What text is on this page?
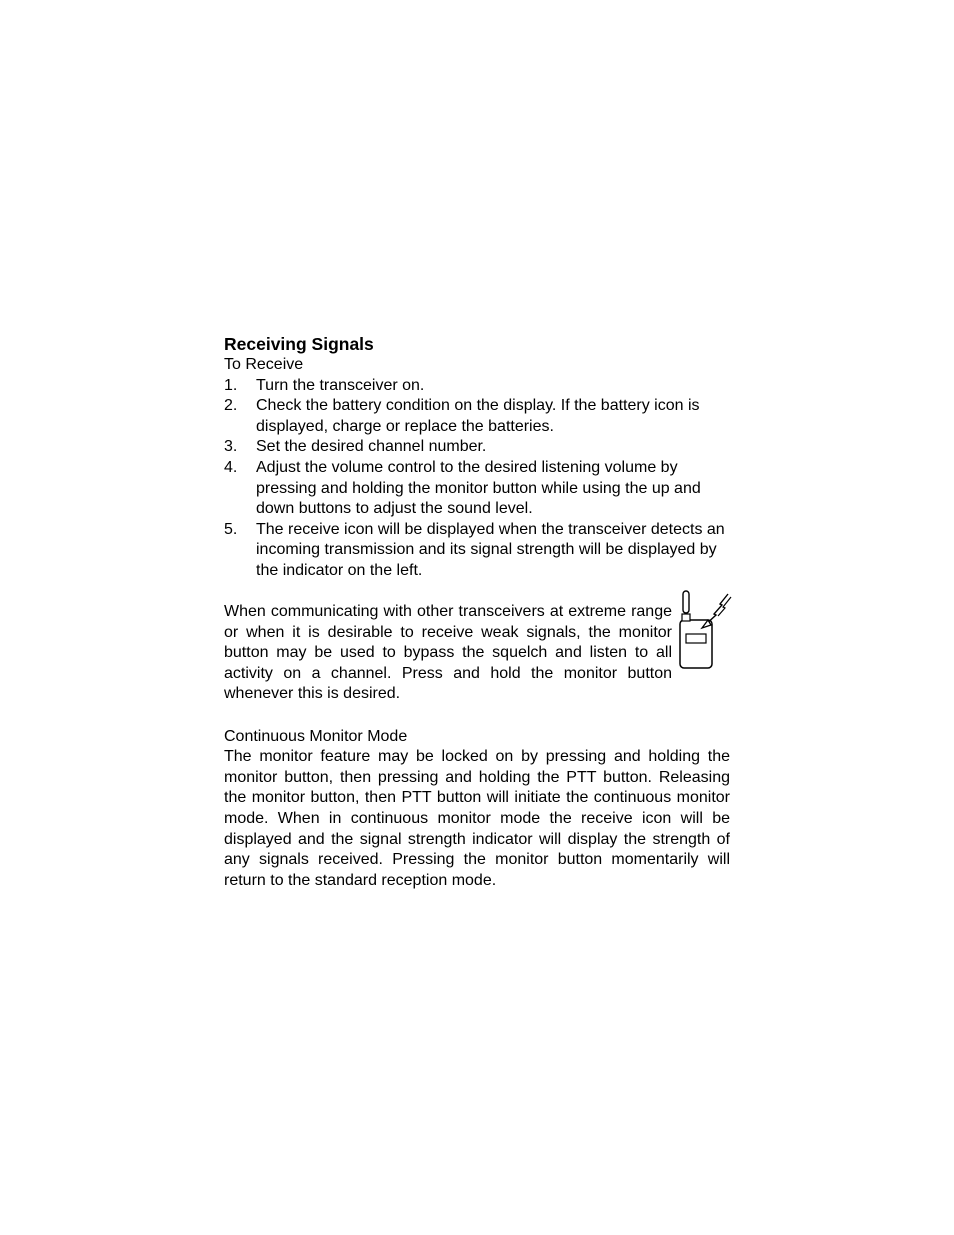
Receiving Signals

To Receive

1. Turn the transceiver on.
2. Check the battery condition on the display. If the battery icon is displayed, charge or replace the batteries.
3. Set the desired channel number.
4. Adjust the volume control to the desired listening volume by pressing and holding the monitor button while using the up and down buttons to adjust the sound level.
5. The receive icon will be displayed when the transceiver detects an incoming transmission and its signal strength will be displayed by the indicator on the left.

When communicating with other transceivers at extreme range or when it is desirable to receive weak signals, the monitor button may be used to bypass the squelch and listen to all activity on a channel. Press and hold the monitor button whenever this is desired.

Continuous Monitor Mode

The monitor feature may be locked on by pressing and holding the monitor button, then pressing and holding the PTT button. Releasing the monitor button, then PTT button will initiate the continuous monitor mode. When in continuous monitor mode the receive icon will be displayed and the signal strength indicator will display the strength of any signals received. Pressing the monitor button momentarily will return to the standard reception mode.
